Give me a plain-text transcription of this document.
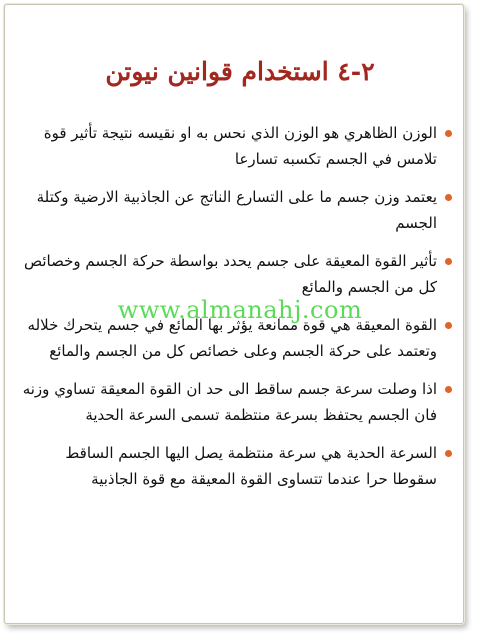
٢-٤ استخدام قوانين نيوتن
الوزن الظاهري هو الوزن الذي نحس به او نقيسه نتيجة تأثير قوة تلامس في الجسم تكسبه تسارعا
يعتمد وزن جسم ما على التسارع الناتج عن الجاذبية الارضية وكتلة الجسم
تأثير القوة المعيقة على جسم يحدد بواسطة حركة الجسم وخصائص كل من الجسم والمائع
القوة المعيقة هي قوة ممانعة يؤثر بها المائع في جسم يتحرك خلاله وتعتمد على حركة الجسم وعلى خصائص كل من الجسم والمائع
اذا وصلت سرعة جسم ساقط الى حد ان القوة المعيقة تساوي وزنه فان الجسم يحتفظ بسرعة منتظمة تسمى السرعة الحدية
السرعة الحدية هي سرعة منتظمة يصل اليها الجسم الساقط سقوطا حرا عندما تتساوى القوة المعيقة مع قوة الجاذبية
www.almanahj.com
